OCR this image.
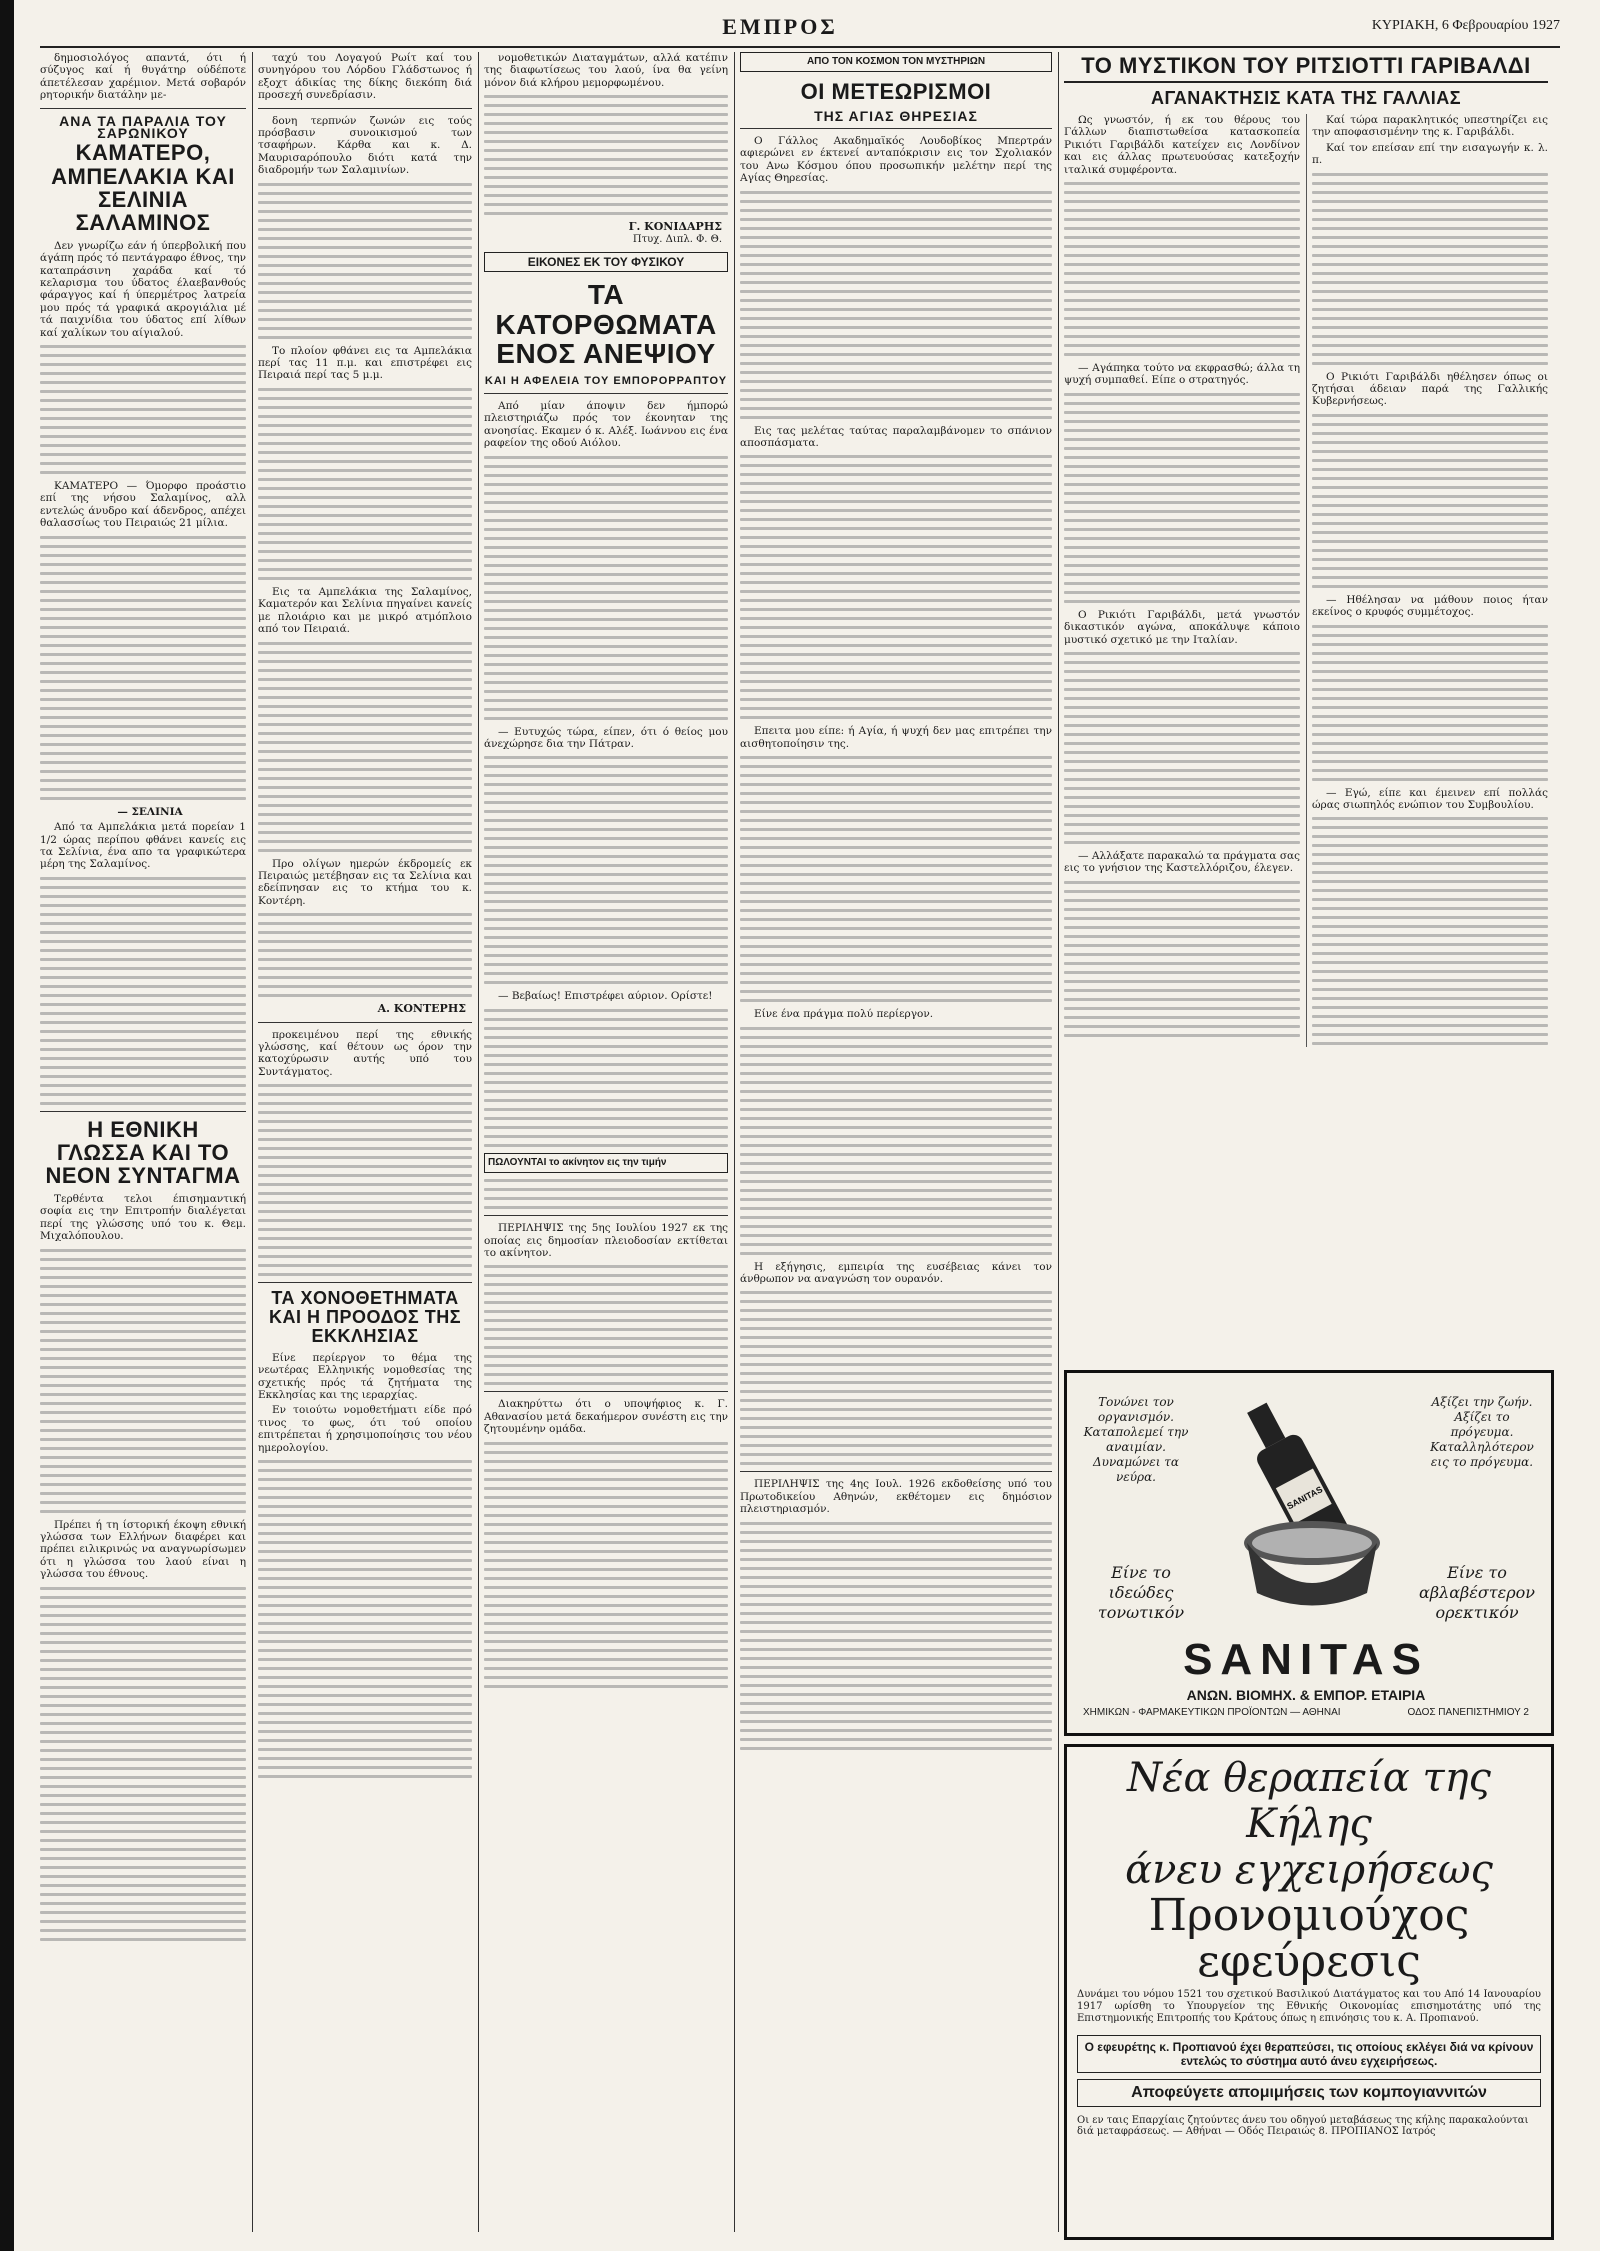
ΕΜΠΡΟΣ	ΚΥΡΙΑΚΗ, 6 Φεβρουαρίου 1927

δημοσιολόγος απαντά, ότι ή σύζυγος καί ή θυγάτηρ ούδέποτε άπετέλεσαν χαρέμιον. Μετά σοβαρόν ρητορικήν διατάλην με-

ΑΝΑ ΤΑ ΠΑΡΑΛΙΑ ΤΟΥ ΣΑΡΩΝΙΚΟΥ
ΚΑΜΑΤΕΡΟ, ΑΜΠΕΛΑΚΙΑ ΚΑΙ ΣΕΛΙΝΙΑ ΣΑΛΑΜΙΝΟΣ

Δεν γνωρίζω εάν ή ύπερβολική που άγάπη πρός τό πεντάγραφο έθνος, την καταπράσινη χαράδα καί τό κελαρισμα του ύδατος έλαεβανθούς φάραγγος καί ή ύπερμέτρος λατρεία μου πρός τά γραφικά ακρογιάλια μέ τά παιχνίδια του ύδατος επί λίθων καί χαλίκων του αίγιαλού.

ΚΑΜΑΤΕΡΟ — Όμορφο προάστιο επί της νήσου Σαλαμίνος, αλλ εντελώς άνυδρο καί άδενδρος, απέχει θαλασσίως του Πειραιώς 21 μίλια.

— ΣΕΛΙΝΙΑ

Από τα Αμπελάκια μετά πορείαν 1 1/2 ώρας περίπου φθάνει κανείς εις τα Σελίνια, ένα απο τα γραφικώτερα μέρη της Σαλαμίνος.

Η ΕΘΝΙΚΗ ΓΛΩΣΣΑ ΚΑΙ ΤΟ ΝΕΟΝ ΣΥΝΤΑΓΜΑ

Τερθέντα τελοι έπισημαντική σοφία εις την Επιτροπήν διαλέγεται περί της γλώσσης υπό του κ. Θεμ. Μιχαλόπουλου.

Πρέπει ή τη ίστορική έκοψη εθνική γλώσσα των Ελλήνων διαφέρει και πρέπει ειλικρινώς να αναγνωρίσωμεν ότι η γλώσσα του λαού είναι η γλώσσα του έθνους.

ταχύ του Λογαγού Ρωίτ καί του συνηγόρου του Λόρδου Γλάδστωνος ή εξοχτ άδικίας της δίκης διεκόπη διά προσεχή συνεδρίασιν.

δονη τερπνών ζωνών εις τούς πρόσβασιν συνοικισμού των τσαφήρων. Κάρθα και κ. Δ. Μαυρισαρόπουλο διότι κατά την διαδρομήν των Σαλαμινίων.

Το πλοίον φθάνει εις τα Αμπελάκια περί τας 11 π.μ. και επιστρέφει εις Πειραιά περί τας 5 μ.μ.

Εις τα Αμπελάκια της Σαλαμίνος, Καματερόν και Σελίνια πηγαίνει κανείς με πλοιάριο και με μικρό ατμόπλοιο από τον Πειραιά.

Προ ολίγων ημερών έκδρομείς εκ Πειραιώς μετέβησαν εις τα Σελίνια και εδείπνησαν εις το κτήμα του κ. Κοντέρη.

Α. ΚΟΝΤΕΡΗΣ

προκειμένου περί της εθνικής γλώσσης, καί θέτουν ως όρον την κατοχύρωσιν αυτής υπό του Συντάγματος.

ΤΑ ΧΟΝΟΘΕΤΗΜΑΤΑ ΚΑΙ Η ΠΡΟΟΔΟΣ ΤΗΣ ΕΚΚΛΗΣΙΑΣ

Είνε περίεργον το θέμα της νεωτέρας Ελληνικής νομοθεσίας της σχετικής πρός τά ζητήματα της Εκκλησίας και της ιεραρχίας.

Εν τοιούτω νομοθετήματι είδε πρό τινος το φως, ότι τού οποίου επιτρέπεται ή χρησιμοποίησις του νέου ημερολογίου.

νομοθετικών Διαταγμάτων, αλλά κατέπιν της διαφωτίσεως του λαού, ίνα θα γείνη μόνον διά κλήρου μεμορφωμένου.

Γ. ΚΟΝΙΔΑΡΗΣ
Πτυχ. Διπλ. Φ. Θ.
ΕΙΚΟΝΕΣ ΕΚ ΤΟΥ ΦΥΣΙΚΟΥ
ΤΑ ΚΑΤΟΡΘΩΜΑΤΑ ΕΝΟΣ ΑΝΕΨΙΟΥ
ΚΑΙ Η ΑΦΕΛΕΙΑ ΤΟΥ ΕΜΠΟΡΟΡΡΑΠΤΟΥ

Από μίαν άποψιν δεν ήμπορώ πλειστηριάζω πρός τον έκονηταν της ανοησίας. Εκαμεν ό κ. Αλέξ. Ιωάννου εις ένα ραφείον της οδού Αιόλου.

— Ευτυχώς τώρα, είπεν, ότι ό θείος μου άνεχώρησε δια την Πάτραν.

— Βεβαίως! Επιστρέφει αύριον. Ορίστε!

ΠΩΛΟΥΝΤΑΙ το ακίνητον εις την τιμήν

ΠΕΡΙΛΗΨΙΣ της 5ης Ιουλίου 1927 εκ της οποίας εις δημοσίαν πλειοδοσίαν εκτίθεται το ακίνητον.

Διακηρύττω ότι ο υποψήφιος κ. Γ. Αθανασίου μετά δεκαήμερον συνέστη εις την ζητουμένην ομάδα.

ΑΠΟ ΤΟΝ ΚΟΣΜΟΝ ΤΟΝ ΜΥΣΤΗΡΙΩΝ
ΟΙ ΜΕΤΕΩΡΙΣΜΟΙ
ΤΗΣ ΑΓΙΑΣ ΘΗΡΕΣΙΑΣ

Ο Γάλλος Ακαδημαϊκός Λουδοβίκος Μπερτράν αφιερώνει εν έκτενεί ανταπόκρισιν εις τον Σχολιακόν του Ανω Κόσμου όπου προσωπικήν μελέτην περί της Αγίας Θηρεσίας.

Εις τας μελέτας ταύτας παραλαμβάνομεν το σπάνιον αποσπάσματα.

Επειτα μου είπε: ή Αγία, ή ψυχή δεν μας επιτρέπει την αισθητοποίησιν της.

Είνε ένα πράγμα πολύ περίεργον.

Η εξήγησις, εμπειρία της ευσέβειας κάνει τον άνθρωπον να αναγνώση τον ουρανόν.

ΠΕΡΙΛΗΨΙΣ της 4ης Ιουλ. 1926 εκδοθείσης υπό του Πρωτοδικείου Αθηνών, εκθέτομεν εις δημόσιον πλειστηριασμόν.

ΤΟ ΜΥΣΤΙΚΟΝ ΤΟΥ ΡΙΤΣΙΟΤΤΙ ΓΑΡΙΒΑΛΔΙ
ΑΓΑΝΑΚΤΗΣΙΣ ΚΑΤΑ ΤΗΣ ΓΑΛΛΙΑΣ

Ως γνωστόν, ή εκ του θέρους του Γάλλων διαπιστωθείσα κατασκοπεία Ρικιότι Γαριβάλδι κατείχεν εις Λονδίνον και εις άλλας πρωτευούσας κατεξοχήν ιταλικά συμφέροντα.

— Αγάπηκα τούτο να εκφρασθώ; άλλα τη ψυχή συμπαθεί. Είπε ο στρατηγός.

Ο Ρικιότι Γαριβάλδι, μετά γνωστόν δικαστικόν αγώνα, αποκάλυψε κάποιο μυστικό σχετικό με την Ιταλίαν.

— Αλλάξατε παρακαλώ τα πράγματα σας εις το γνήσιον της Καστελλόριζου, έλεγεν.

Καί τώρα παρακλητικός υπεστηρίζει εις την αποφασισμένην της κ. Γαριβάλδι.

Καί τον επείσαν επί την εισαγωγήν κ. λ. π.

Ο Ρικιότι Γαριβάλδι ηθέλησεν όπως οι ζητήσαι άδειαν παρά της Γαλλικής Κυβερνήσεως.

— Ηθέλησαν να μάθουν ποιος ήταν εκείνος ο κρυφός συμμέτοχος.

— Εγώ, είπε και έμεινεν επί πολλάς ώρας σιωπηλός ενώπιον του Συμβουλίου.

Τονώνει τον οργανισμόν. Καταπολεμεί την αναιμίαν. Δυναμώνει τα νεύρα.
Αξίζει την ζωήν. Αξίζει το πρόγευμα. Καταλληλότερον εις το πρόγευμα.
SANITAS
Είνε το ιδεώδες τονωτικόν
Είνε το αβλαβέστερον ορεκτικόν
SANITAS
ΑΝΩΝ. ΒΙΟΜΗΧ. & ΕΜΠΟΡ. ΕΤΑΙΡΙΑ
ΧΗΜΙΚΩΝ - ΦΑΡΜΑΚΕΥΤΙΚΩΝ ΠΡΟΪΟΝΤΩΝ — ΑΘΗΝΑΙ	ΟΔΟΣ ΠΑΝΕΠΙΣΤΗΜΙΟΥ 2
Νέα θεραπεία της Κήλης
άνευ εγχειρήσεως
Προνομιούχος εφεύρεσις
Δυνάμει του νόμου 1521 του σχετικού Βασιλικού Διατάγματος και του Από 14 Ιανουαρίου 1917 ωρίσθη το Υπουργείον της Εθνικής Οικονομίας επισημοτάτης υπό της Επιστημονικής Επιτροπής του Κράτους όπως η επινόησις του κ. Α. Προπιανού.
Ο εφευρέτης κ. Προπιανού έχει θεραπεύσει, τις οποίους εκλέγει διά να κρίνουν εντελώς το σύστημα αυτό άνευ εγχειρήσεως.
Αποφεύγετε απομιμήσεις των κομπογιαννιτών
Οι εν ταις Επαρχίαις ζητούντες άνευ του οδηγού μεταβάσεως της κήλης παρακαλούνται διά μεταφράσεως. — Αθήναι — Οδός Πειραιώς 8. ΠΡΟΠΙΑΝΟΣ Ιατρός
